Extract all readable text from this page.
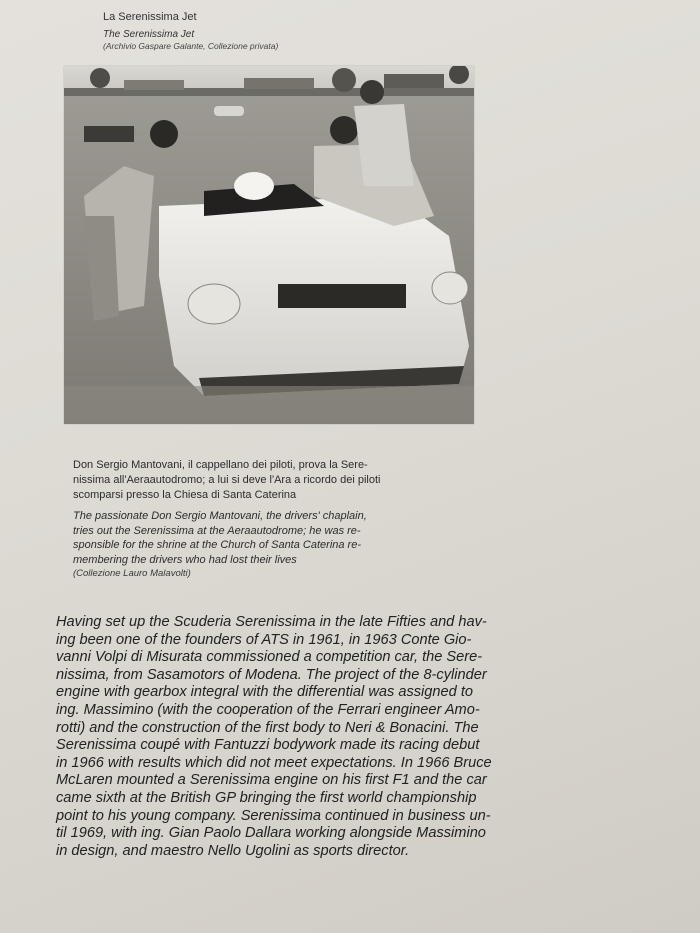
La Serenissima Jet
The Serenissima Jet
(Archivio Gaspare Galante, Collezione privata)
Don Sergio Mantovani, il cappellano dei piloti, prova la Sere-
nissima all'Aeraautodromo; a lui si deve l'Ara a ricordo dei piloti
scomparsi presso la Chiesa di Santa Caterina
The passionate Don Sergio Mantovani, the drivers' chaplain,
tries out the Serenissima at the Aeraautodrome; he was re-
sponsible for the shrine at the Church of Santa Caterina re-
membering the drivers who had lost their lives
(Collezione Lauro Malavolti)
Having set up the Scuderia Serenissima in the late Fifties and hav-
ing been one of the founders of ATS in 1961, in 1963 Conte Gio-
vanni Volpi di Misurata commissioned a competition car, the Sere-
nissima, from Sasamotors of Modena. The project of the 8-cylinder
engine with gearbox integral with the differential was assigned to
ing. Massimino (with the cooperation of the Ferrari engineer Amo-
rotti) and the construction of the first body to Neri & Bonacini. The
Serenissima coupé with Fantuzzi bodywork made its racing debut
in 1966 with results which did not meet expectations. In 1966 Bruce
McLaren mounted a Serenissima engine on his first F1 and the car
came sixth at the British GP bringing the first world championship
point to his young company. Serenissima continued in business un-
til 1969, with ing. Gian Paolo Dallara working alongside Massimino
in design, and maestro Nello Ugolini as sports director.
